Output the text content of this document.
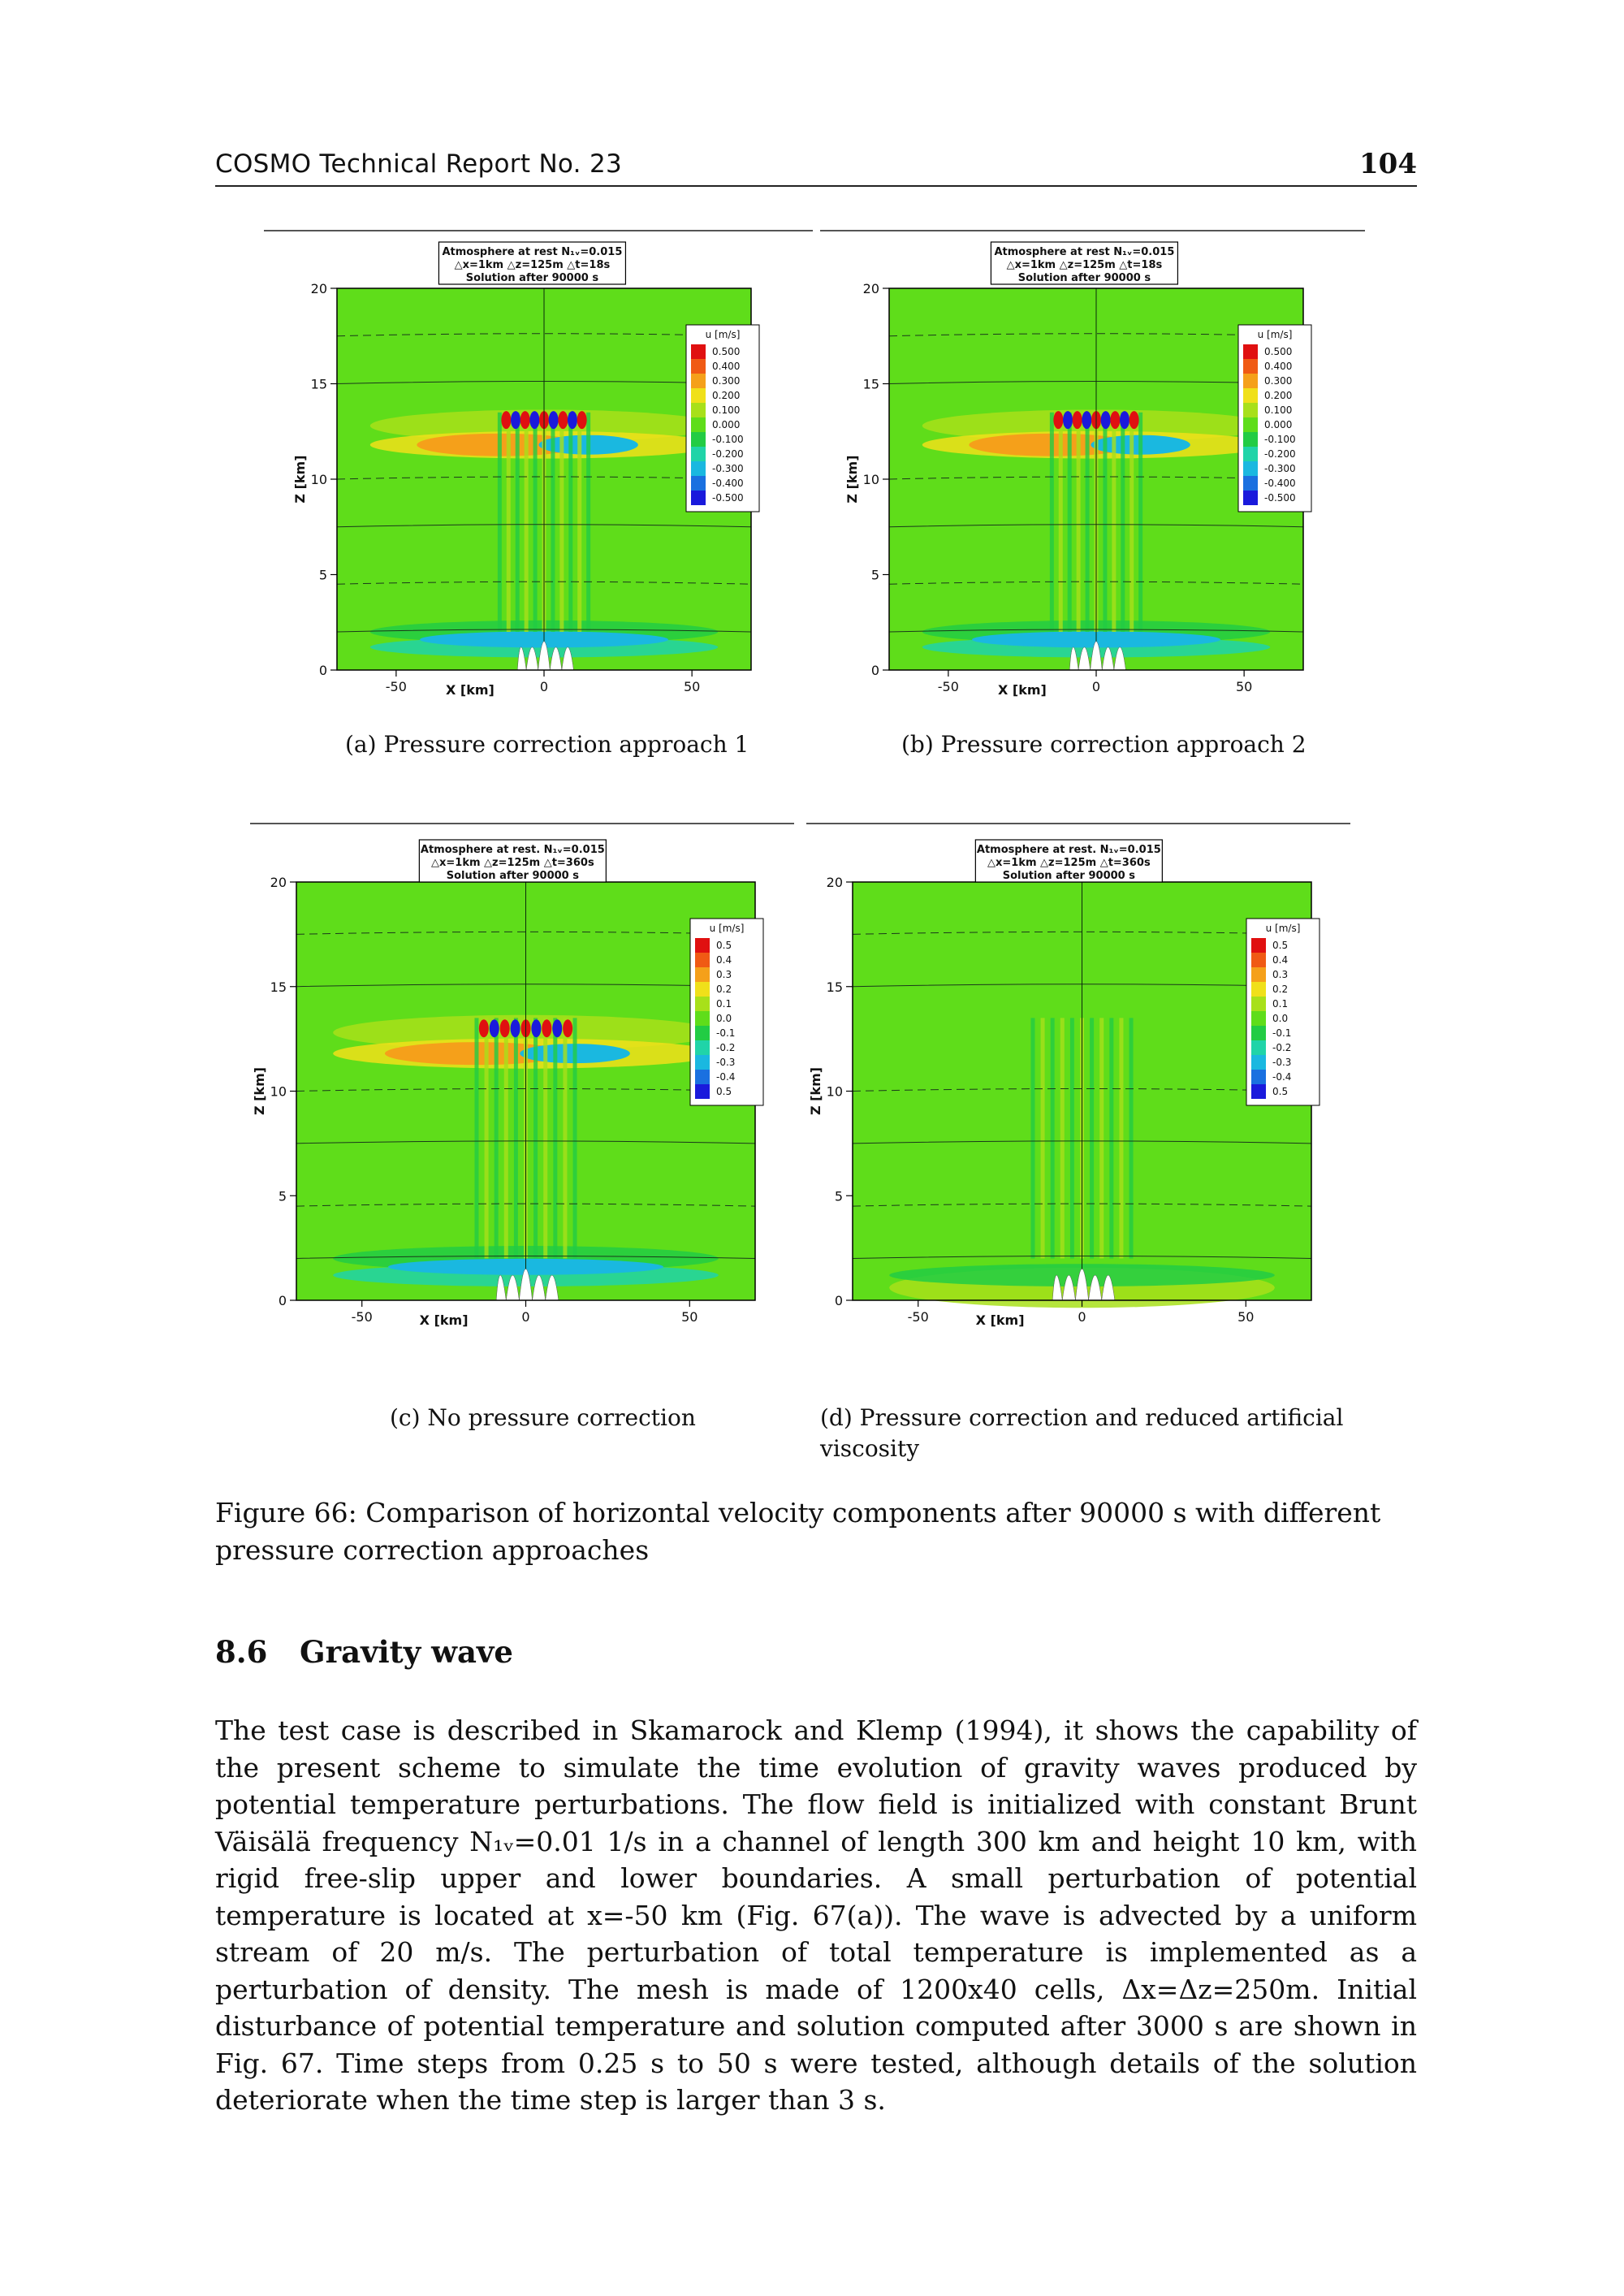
COSMO Technical Report No. 23	104
0
5
10
15
20
-50	0	50
X [km]
Z [km]
Atmosphere at rest N₁ᵥ=0.015
△x=1km △z=125m △t=18s
Solution after 90000 s
u [m/s]
0.500
0.400
0.300
0.200
0.100
0.000
-0.100
-0.200
-0.300
-0.400
-0.500
0
5
10
15
20
-50	0	50
X [km]
Z [km]
Atmosphere at rest N₁ᵥ=0.015
△x=1km △z=125m △t=18s
Solution after 90000 s
u [m/s]
0.500
0.400
0.300
0.200
0.100
0.000
-0.100
-0.200
-0.300
-0.400
-0.500
0
5
10
15
20
-50	0	50
X [km]
Z [km]
Atmosphere at rest. N₁ᵥ=0.015
△x=1km △z=125m △t=360s
Solution after 90000 s
u [m/s]
0.5
0.4
0.3
0.2
0.1
0.0
-0.1
-0.2
-0.3
-0.4
0.5
0
5
10
15
20
-50	0	50
X [km]
Z [km]
Atmosphere at rest. N₁ᵥ=0.015
△x=1km △z=125m △t=360s
Solution after 90000 s
u [m/s]
0.5
0.4
0.3
0.2
0.1
0.0
-0.1
-0.2
-0.3
-0.4
0.5
(a) Pressure correction approach 1	(b) Pressure correction approach 2
(c) No pressure correction	(d) Pressure correction and reduced artificial viscosity
Figure 66: Comparison of horizontal velocity components after 90000 s with different pressure correction approaches
8.6 Gravity wave
The test case is described in Skamarock and Klemp (1994), it shows the capability of the present scheme to simulate the time evolution of gravity waves produced by potential temperature perturbations. The flow field is initialized with constant Brunt Väisälä frequency N₁ᵥ=0.01 1/s in a channel of length 300 km and height 10 km, with rigid free-slip upper and lower boundaries. A small perturbation of potential temperature is located at x=-50 km (Fig. 67(a)). The wave is advected by a uniform stream of 20 m/s. The perturbation of total temperature is implemented as a perturbation of density. The mesh is made of 1200x40 cells, Δx=Δz=250m. Initial disturbance of potential temperature and solution computed after 3000 s are shown in Fig. 67. Time steps from 0.25 s to 50 s were tested, although details of the solution deteriorate when the time step is larger than 3 s.
